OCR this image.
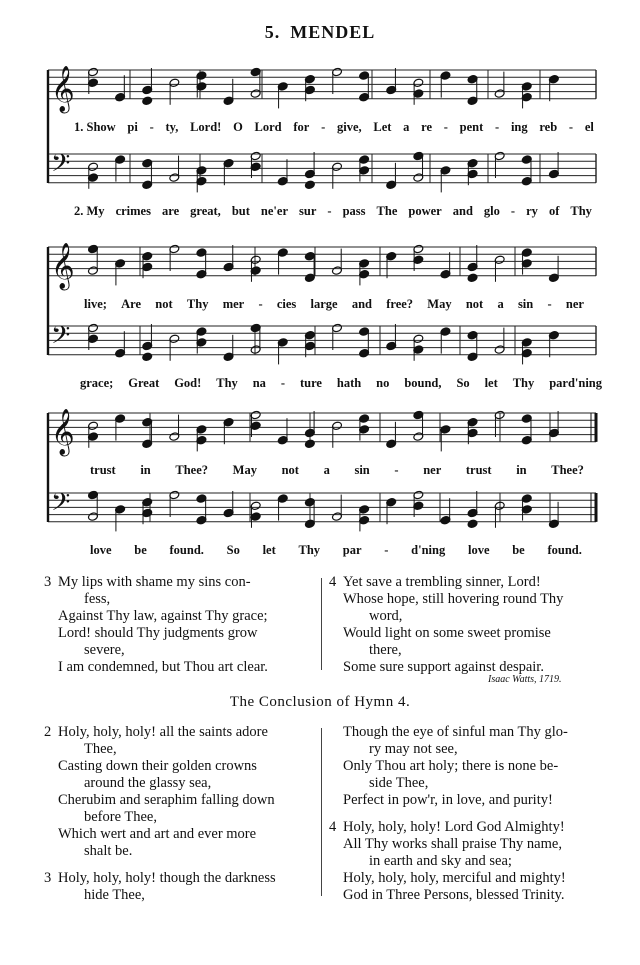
5. MENDEL
𝄞
𝄢
𝄞
𝄢
𝄞
𝄢
1. Show pi - ty, Lord! O Lord for - give, Let a re - pent - ing reb - el
2. My crimes are great, but ne'er sur - pass The power and glo - ry of Thy
live; Are not Thy mer - cies large and free? May not a sin - ner
grace; Great God! Thy na - ture hath no bound, So let Thy pard'ning
trust in Thee? May not a sin - ner trust in Thee?
love be found. So let Thy par - d'ning love be found.

3 My lips with shame my sins con-

fess,

Against Thy law, against Thy grace;

Lord! should Thy judgments grow

severe,

I am condemned, but Thou art clear.

4 Yet save a trembling sinner, Lord!

Whose hope, still hovering round Thy

word,

Would light on some sweet promise

there,

Some sure support against despair.

Isaac Watts, 1719.
The Conclusion of Hymn 4.

2 Holy, holy, holy! all the saints adore

Thee,

Casting down their golden crowns

around the glassy sea,

Cherubim and seraphim falling down

before Thee,

Which wert and art and ever more

shalt be.

3 Holy, holy, holy! though the darkness

hide Thee,

Though the eye of sinful man Thy glo-

ry may not see,

Only Thou art holy; there is none be-

side Thee,

Perfect in pow'r, in love, and purity!

4 Holy, holy, holy! Lord God Almighty!

All Thy works shall praise Thy name,

in earth and sky and sea;

Holy, holy, holy, merciful and mighty!

God in Three Persons, blessed Trinity.
